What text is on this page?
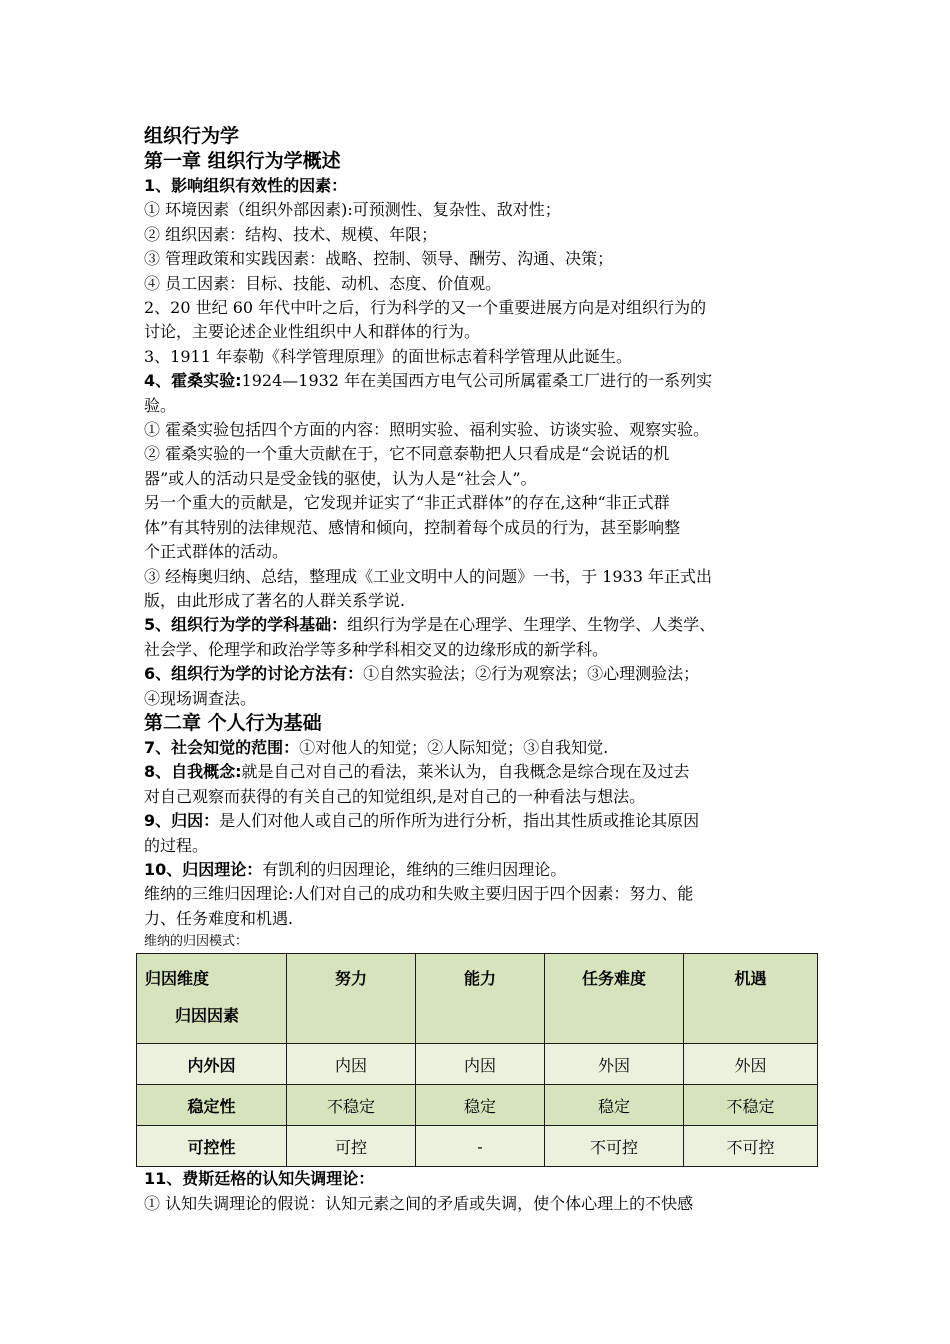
组织行为学
第一章 组织行为学概述
1、影响组织有效性的因素：
① 环境因素（组织外部因素):可预测性、复杂性、敌对性；
② 组织因素：结构、技术、规模、年限；
③ 管理政策和实践因素：战略、控制、领导、酬劳、沟通、决策；
④ 员工因素：目标、技能、动机、态度、价值观。
2、20 世纪 60 年代中叶之后，行为科学的又一个重要进展方向是对组织行为的
讨论，主要论述企业性组织中人和群体的行为。
3、1911 年泰勒《科学管理原理》的面世标志着科学管理从此诞生。
4、霍桑实验:1924—1932 年在美国西方电气公司所属霍桑工厂进行的一系列实
验。
① 霍桑实验包括四个方面的内容：照明实验、福利实验、访谈实验、观察实验。
② 霍桑实验的一个重大贡献在于，它不同意泰勒把人只看成是“会说话的机
器”或人的活动只是受金钱的驱使，认为人是“社会人”。
另一个重大的贡献是，它发现并证实了“非正式群体”的存在,这种“非正式群
体”有其特别的法律规范、感情和倾向，控制着每个成员的行为，甚至影响整
个正式群体的活动。
③ 经梅奥归纳、总结，整理成《工业文明中人的问题》一书，于 1933 年正式出
版，由此形成了著名的人群关系学说.
5、组织行为学的学科基础：组织行为学是在心理学、生理学、生物学、人类学、
社会学、伦理学和政治学等多种学科相交叉的边缘形成的新学科。
6、组织行为学的讨论方法有：①自然实验法；②行为观察法；③心理测验法；
④现场调查法。
第二章 个人行为基础
7、社会知觉的范围：①对他人的知觉；②人际知觉；③自我知觉.
8、自我概念:就是自己对自己的看法，莱米认为，自我概念是综合现在及过去
对自己观察而获得的有关自己的知觉组织,是对自己的一种看法与想法。
9、归因：是人们对他人或自己的所作所为进行分析，指出其性质或推论其原因
的过程。
10、归因理论：有凯利的归因理论，维纳的三维归因理论。
维纳的三维归因理论:人们对自己的成功和失败主要归因于四个因素：努力、能
力、任务难度和机遇.
维纳的归因模式：
归因维度
归因因素	努力	能力	任务难度	机遇
内外因	内因	内因	外因	外因
稳定性	不稳定	稳定	稳定	不稳定
可控性	可控	-	不可控	不可控
11、费斯廷格的认知失调理论：
① 认知失调理论的假说：认知元素之间的矛盾或失调，使个体心理上的不快感
